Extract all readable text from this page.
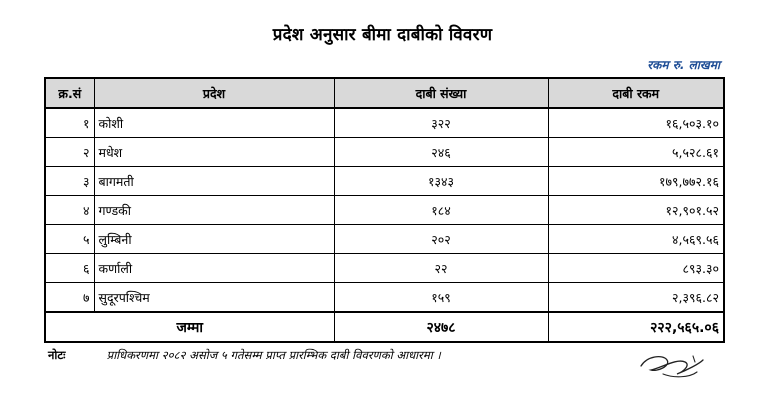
प्रदेश अनुसार बीमा दाबीको विवरण
रकम रु. लाखमा
क्र.सं	प्रदेश	दाबी संख्या	दाबी रकम
१	कोशी	३२२	१६,५०३.१०
२	मधेश	२४६	५,५२८.६१
३	बागमती	१३४३	१७९,७७२.१६
४	गण्डकी	१८४	१२,९०१.५२
५	लुम्बिनी	२०२	४,५६९.५६
६	कर्णाली	२२	८९३.३०
७	सुदूरपश्चिम	१५९	२,३९६.८२
जम्मा		२४७८	२२२,५६५.०६
नोटः	प्राधिकरणमा २०८२ असोज ५ गतेसम्म प्राप्त प्रारम्भिक दाबी विवरणको आधारमा ।
